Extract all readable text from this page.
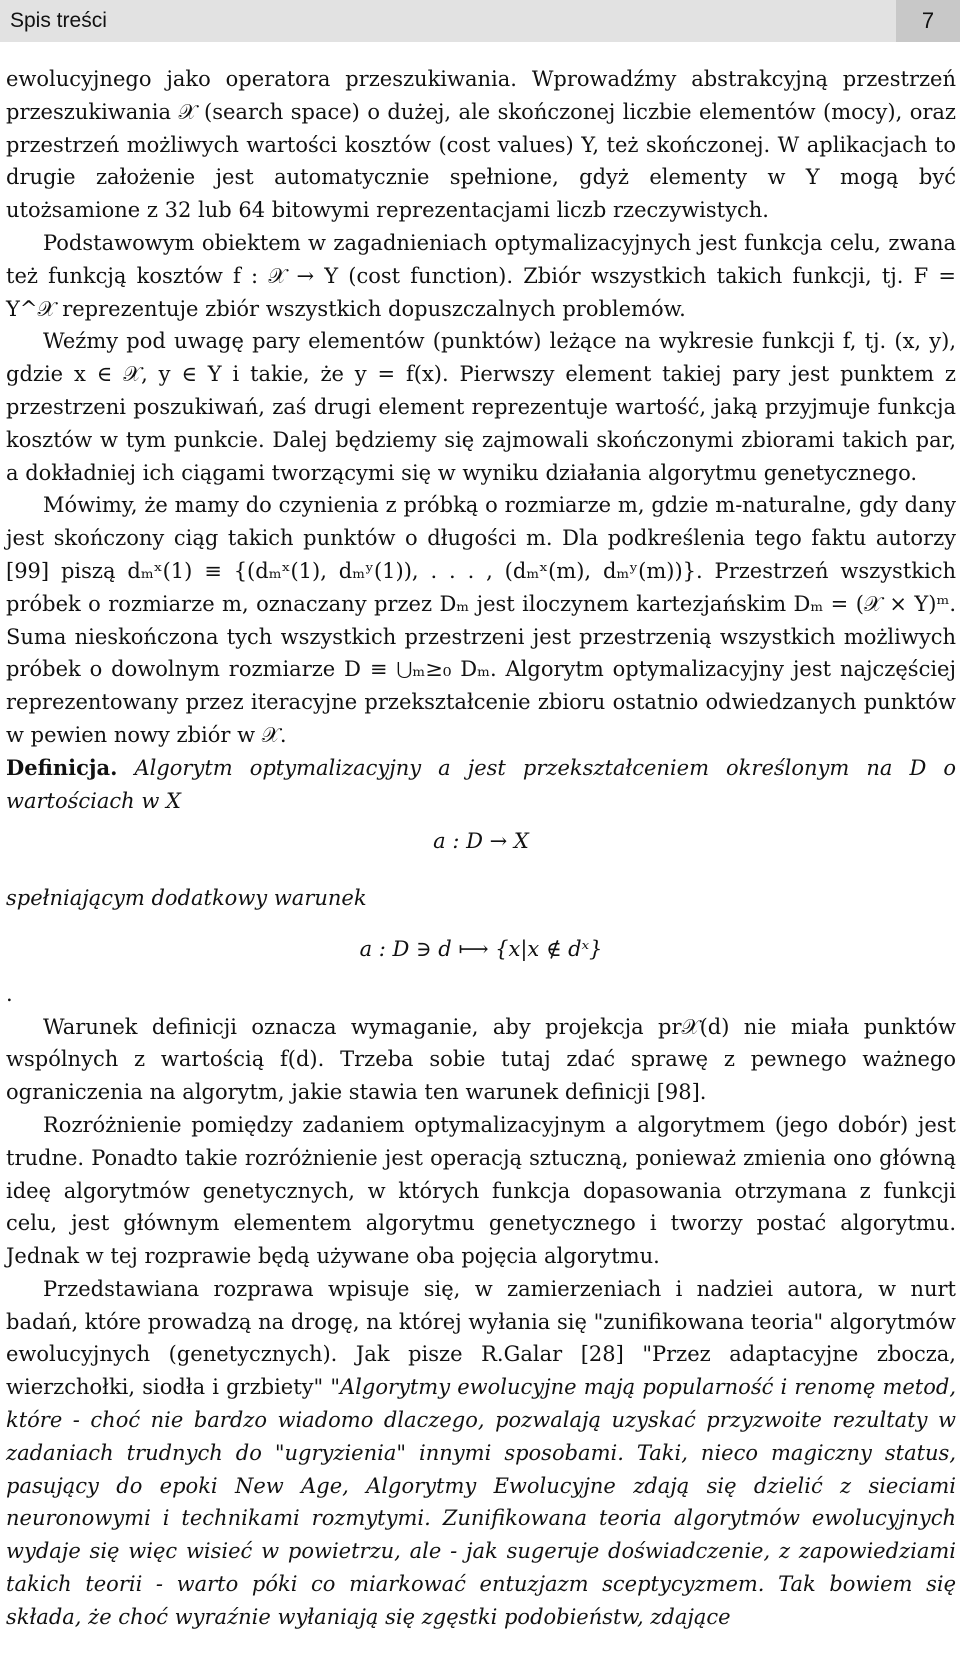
Spis treści	7

ewolucyjnego jako operatora przeszukiwania. Wprowadźmy abstrakcyjną przestrzeń przeszukiwania 𝒳 (search space) o dużej, ale skończonej liczbie elementów (mocy), oraz przestrzeń możliwych wartości kosztów (cost values) Y, też skończonej. W aplikacjach to drugie założenie jest automatycznie spełnione, gdyż elementy w Y mogą być utożsamione z 32 lub 64 bitowymi reprezentacjami liczb rzeczywistych.

Podstawowym obiektem w zagadnieniach optymalizacyjnych jest funkcja celu, zwana też funkcją kosztów f : 𝒳 → Y (cost function). Zbiór wszystkich takich funkcji, tj. F = Y^𝒳 reprezentuje zbiór wszystkich dopuszczalnych problemów.

Weźmy pod uwagę pary elementów (punktów) leżące na wykresie funkcji f, tj. (x, y), gdzie x ∈ 𝒳, y ∈ Y i takie, że y = f(x). Pierwszy element takiej pary jest punktem z przestrzeni poszukiwań, zaś drugi element reprezentuje wartość, jaką przyjmuje funkcja kosztów w tym punkcie. Dalej będziemy się zajmowali skończonymi zbiorami takich par, a dokładniej ich ciągami tworzącymi się w wyniku działania algorytmu genetycznego.

Mówimy, że mamy do czynienia z próbką o rozmiarze m, gdzie m-naturalne, gdy dany jest skończony ciąg takich punktów o długości m. Dla podkreślenia tego faktu autorzy [99] piszą dₘˣ(1) ≡ {(dₘˣ(1), dₘʸ(1)), . . . , (dₘˣ(m), dₘʸ(m))}. Przestrzeń wszystkich próbek o rozmiarze m, oznaczany przez Dₘ jest iloczynem kartezjańskim Dₘ = (𝒳 × Y)ᵐ. Suma nieskończona tych wszystkich przestrzeni jest przestrzenią wszystkich możliwych próbek o dowolnym rozmiarze D ≡ ⋃ₘ≥₀ Dₘ. Algorytm optymalizacyjny jest najczęściej reprezentowany przez iteracyjne przekształcenie zbioru ostatnio odwiedzanych punktów w pewien nowy zbiór w 𝒳.

Definicja. Algorytm optymalizacyjny a jest przekształceniem określonym na D o wartościach w X

a : D → X

spełniającym dodatkowy warunek

a : D ∋ d ⟼ {x|x ∉ dˣ}

.

Warunek definicji oznacza wymaganie, aby projekcja pr𝒳(d) nie miała punktów wspólnych z wartością f(d). Trzeba sobie tutaj zdać sprawę z pewnego ważnego ograniczenia na algorytm, jakie stawia ten warunek definicji [98].

Rozróżnienie pomiędzy zadaniem optymalizacyjnym a algorytmem (jego dobór) jest trudne. Ponadto takie rozróżnienie jest operacją sztuczną, ponieważ zmienia ono główną ideę algorytmów genetycznych, w których funkcja dopasowania otrzymana z funkcji celu, jest głównym elementem algorytmu genetycznego i tworzy postać algorytmu. Jednak w tej rozprawie będą używane oba pojęcia algorytmu.

Przedstawiana rozprawa wpisuje się, w zamierzeniach i nadziei autora, w nurt badań, które prowadzą na drogę, na której wyłania się "zunifikowana teoria" algorytmów ewolucyjnych (genetycznych). Jak pisze R.Galar [28] "Przez adaptacyjne zbocza, wierzchołki, siodła i grzbiety" "Algorytmy ewolucyjne mają popularność i renomę metod, które - choć nie bardzo wiadomo dlaczego, pozwalają uzyskać przyzwoite rezultaty w zadaniach trudnych do "ugryzienia" innymi sposobami. Taki, nieco magiczny status, pasujący do epoki New Age, Algorytmy Ewolucyjne zdają się dzielić z sieciami neuronowymi i technikami rozmytymi. Zunifikowana teoria algorytmów ewolucyjnych wydaje się więc wisieć w powietrzu, ale - jak sugeruje doświadczenie, z zapowiedziami takich teorii - warto póki co miarkować entuzjazm sceptycyzmem. Tak bowiem się składa, że choć wyraźnie wyłaniają się zgęstki podobieństw, zdające
